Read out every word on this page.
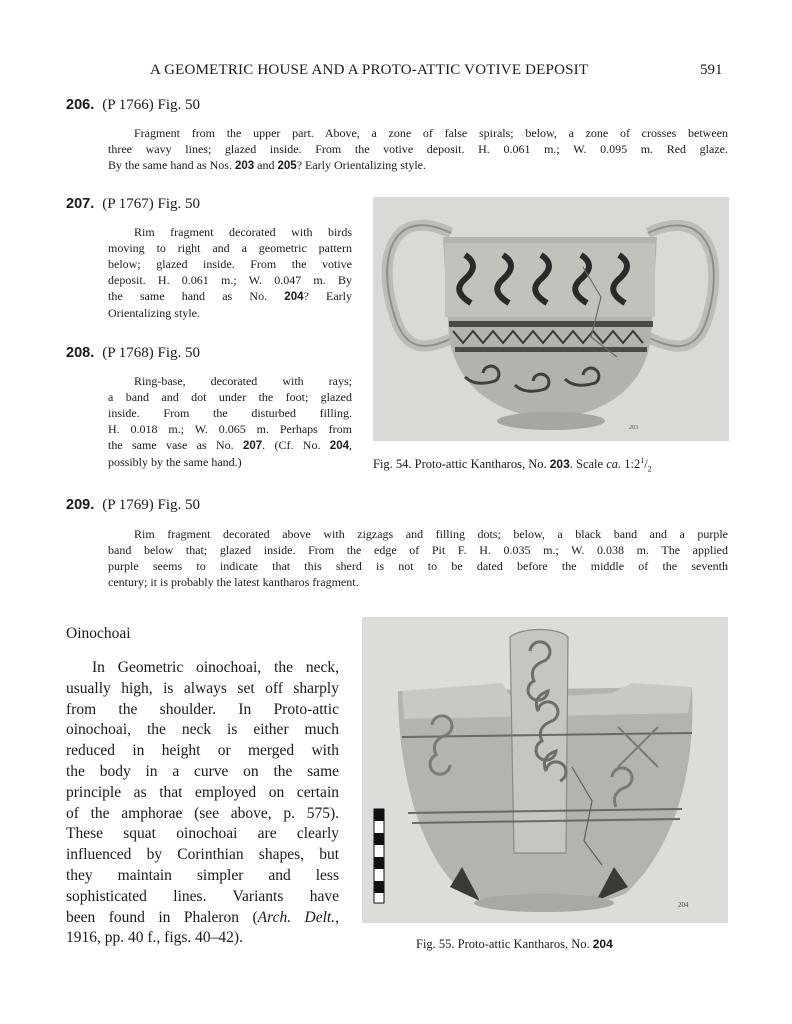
A GEOMETRIC HOUSE AND A PROTO-ATTIC VOTIVE DEPOSIT	591
206. (P 1766) Fig. 50
Fragment from the upper part. Above, a zone of false spirals; below, a zone of crosses between
three wavy lines; glazed inside. From the votive deposit. H. 0.061 m.; W. 0.095 m. Red glaze.
By the same hand as Nos. 203 and 205? Early Orientalizing style.
207. (P 1767) Fig. 50
Rim fragment decorated with birds
moving to right and a geometric pattern
below; glazed inside. From the votive
deposit. H. 0.061 m.; W. 0.047 m. By
the same hand as No. 204? Early
Orientalizing style.
208. (P 1768) Fig. 50
Ring-base, decorated with rays;
a band and dot under the foot; glazed
inside. From the disturbed filling.
H. 0.018 m.; W. 0.065 m. Perhaps from
the same vase as No. 207. (Cf. No. 204,
possibly by the same hand.)
203
Fig. 54. Proto-attic Kantharos, No. 203. Scale ca. $1:2^1/_2$
209. (P 1769) Fig. 50
Rim fragment decorated above with zigzags and filling dots; below, a black band and a purple
band below that; glazed inside. From the edge of Pit F. H. 0.035 m.; W. 0.038 m. The applied
purple seems to indicate that this sherd is not to be dated before the middle of the seventh
century; it is probably the latest kantharos fragment.
Oinochoai
In Geometric oinochoai, the neck,
usually high, is always set off sharply
from the shoulder. In Proto-attic
oinochoai, the neck is either much
reduced in height or merged with
the body in a curve on the same
principle as that employed on certain
of the amphorae (see above, p. 575).
These squat oinochoai are clearly
influenced by Corinthian shapes, but
they maintain simpler and less
sophisticated lines. Variants have
been found in Phaleron (Arch. Delt.,
1916, pp. 40 f., figs. 40–42).
204
Fig. 55. Proto-attic Kantharos, No. 204
